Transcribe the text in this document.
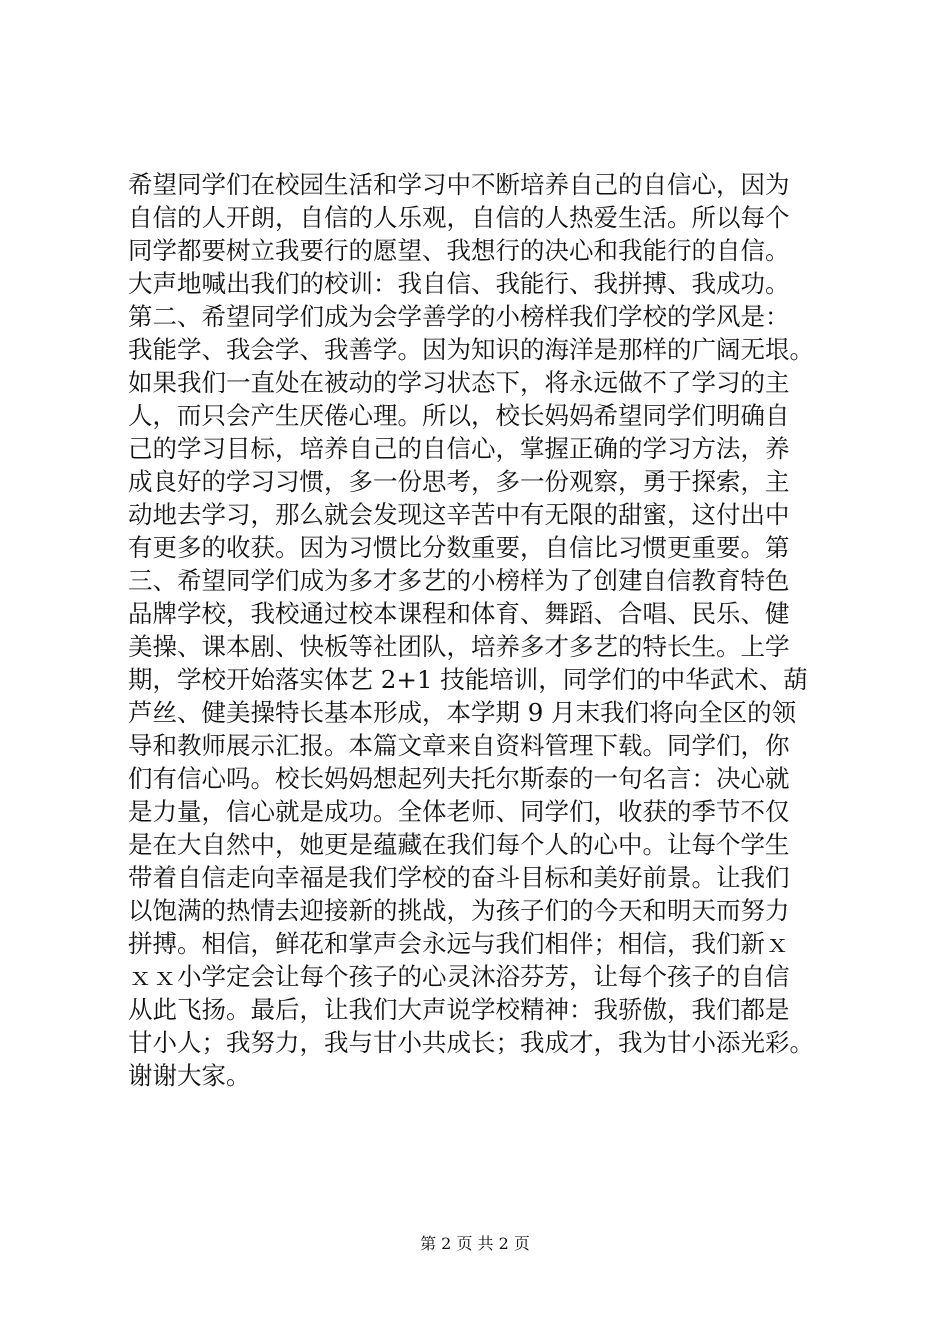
希望同学们在校园生活和学习中不断培养自己的自信心，因为
自信的人开朗，自信的人乐观，自信的人热爱生活。所以每个
同学都要树立我要行的愿望、我想行的决心和我能行的自信。
大声地喊出我们的校训：我自信、我能行、我拼搏、我成功。
第二、希望同学们成为会学善学的小榜样我们学校的学风是：
我能学、我会学、我善学。因为知识的海洋是那样的广阔无垠。
如果我们一直处在被动的学习状态下，将永远做不了学习的主
人，而只会产生厌倦心理。所以，校长妈妈希望同学们明确自
己的学习目标，培养自己的自信心，掌握正确的学习方法，养
成良好的学习习惯，多一份思考，多一份观察，勇于探索，主
动地去学习，那么就会发现这辛苦中有无限的甜蜜，这付出中
有更多的收获。因为习惯比分数重要，自信比习惯更重要。第
三、希望同学们成为多才多艺的小榜样为了创建自信教育特色
品牌学校，我校通过校本课程和体育、舞蹈、合唱、民乐、健
美操、课本剧、快板等社团队，培养多才多艺的特长生。上学
期，学校开始落实体艺 2+1 技能培训，同学们的中华武术、葫
芦丝、健美操特长基本形成，本学期 9 月末我们将向全区的领
导和教师展示汇报。本篇文章来自资料管理下载。同学们，你
们有信心吗。校长妈妈想起列夫托尔斯泰的一句名言：决心就
是力量，信心就是成功。全体老师、同学们，收获的季节不仅
是在大自然中，她更是蕴藏在我们每个人的心中。让每个学生
带着自信走向幸福是我们学校的奋斗目标和美好前景。让我们
以饱满的热情去迎接新的挑战，为孩子们的今天和明天而努力
拼搏。相信，鲜花和掌声会永远与我们相伴；相信，我们新ｘ
ｘｘ小学定会让每个孩子的心灵沐浴芬芳，让每个孩子的自信
从此飞扬。最后，让我们大声说学校精神：我骄傲，我们都是
甘小人；我努力，我与甘小共成长；我成才，我为甘小添光彩。
谢谢大家。
第 2 页 共 2 页
